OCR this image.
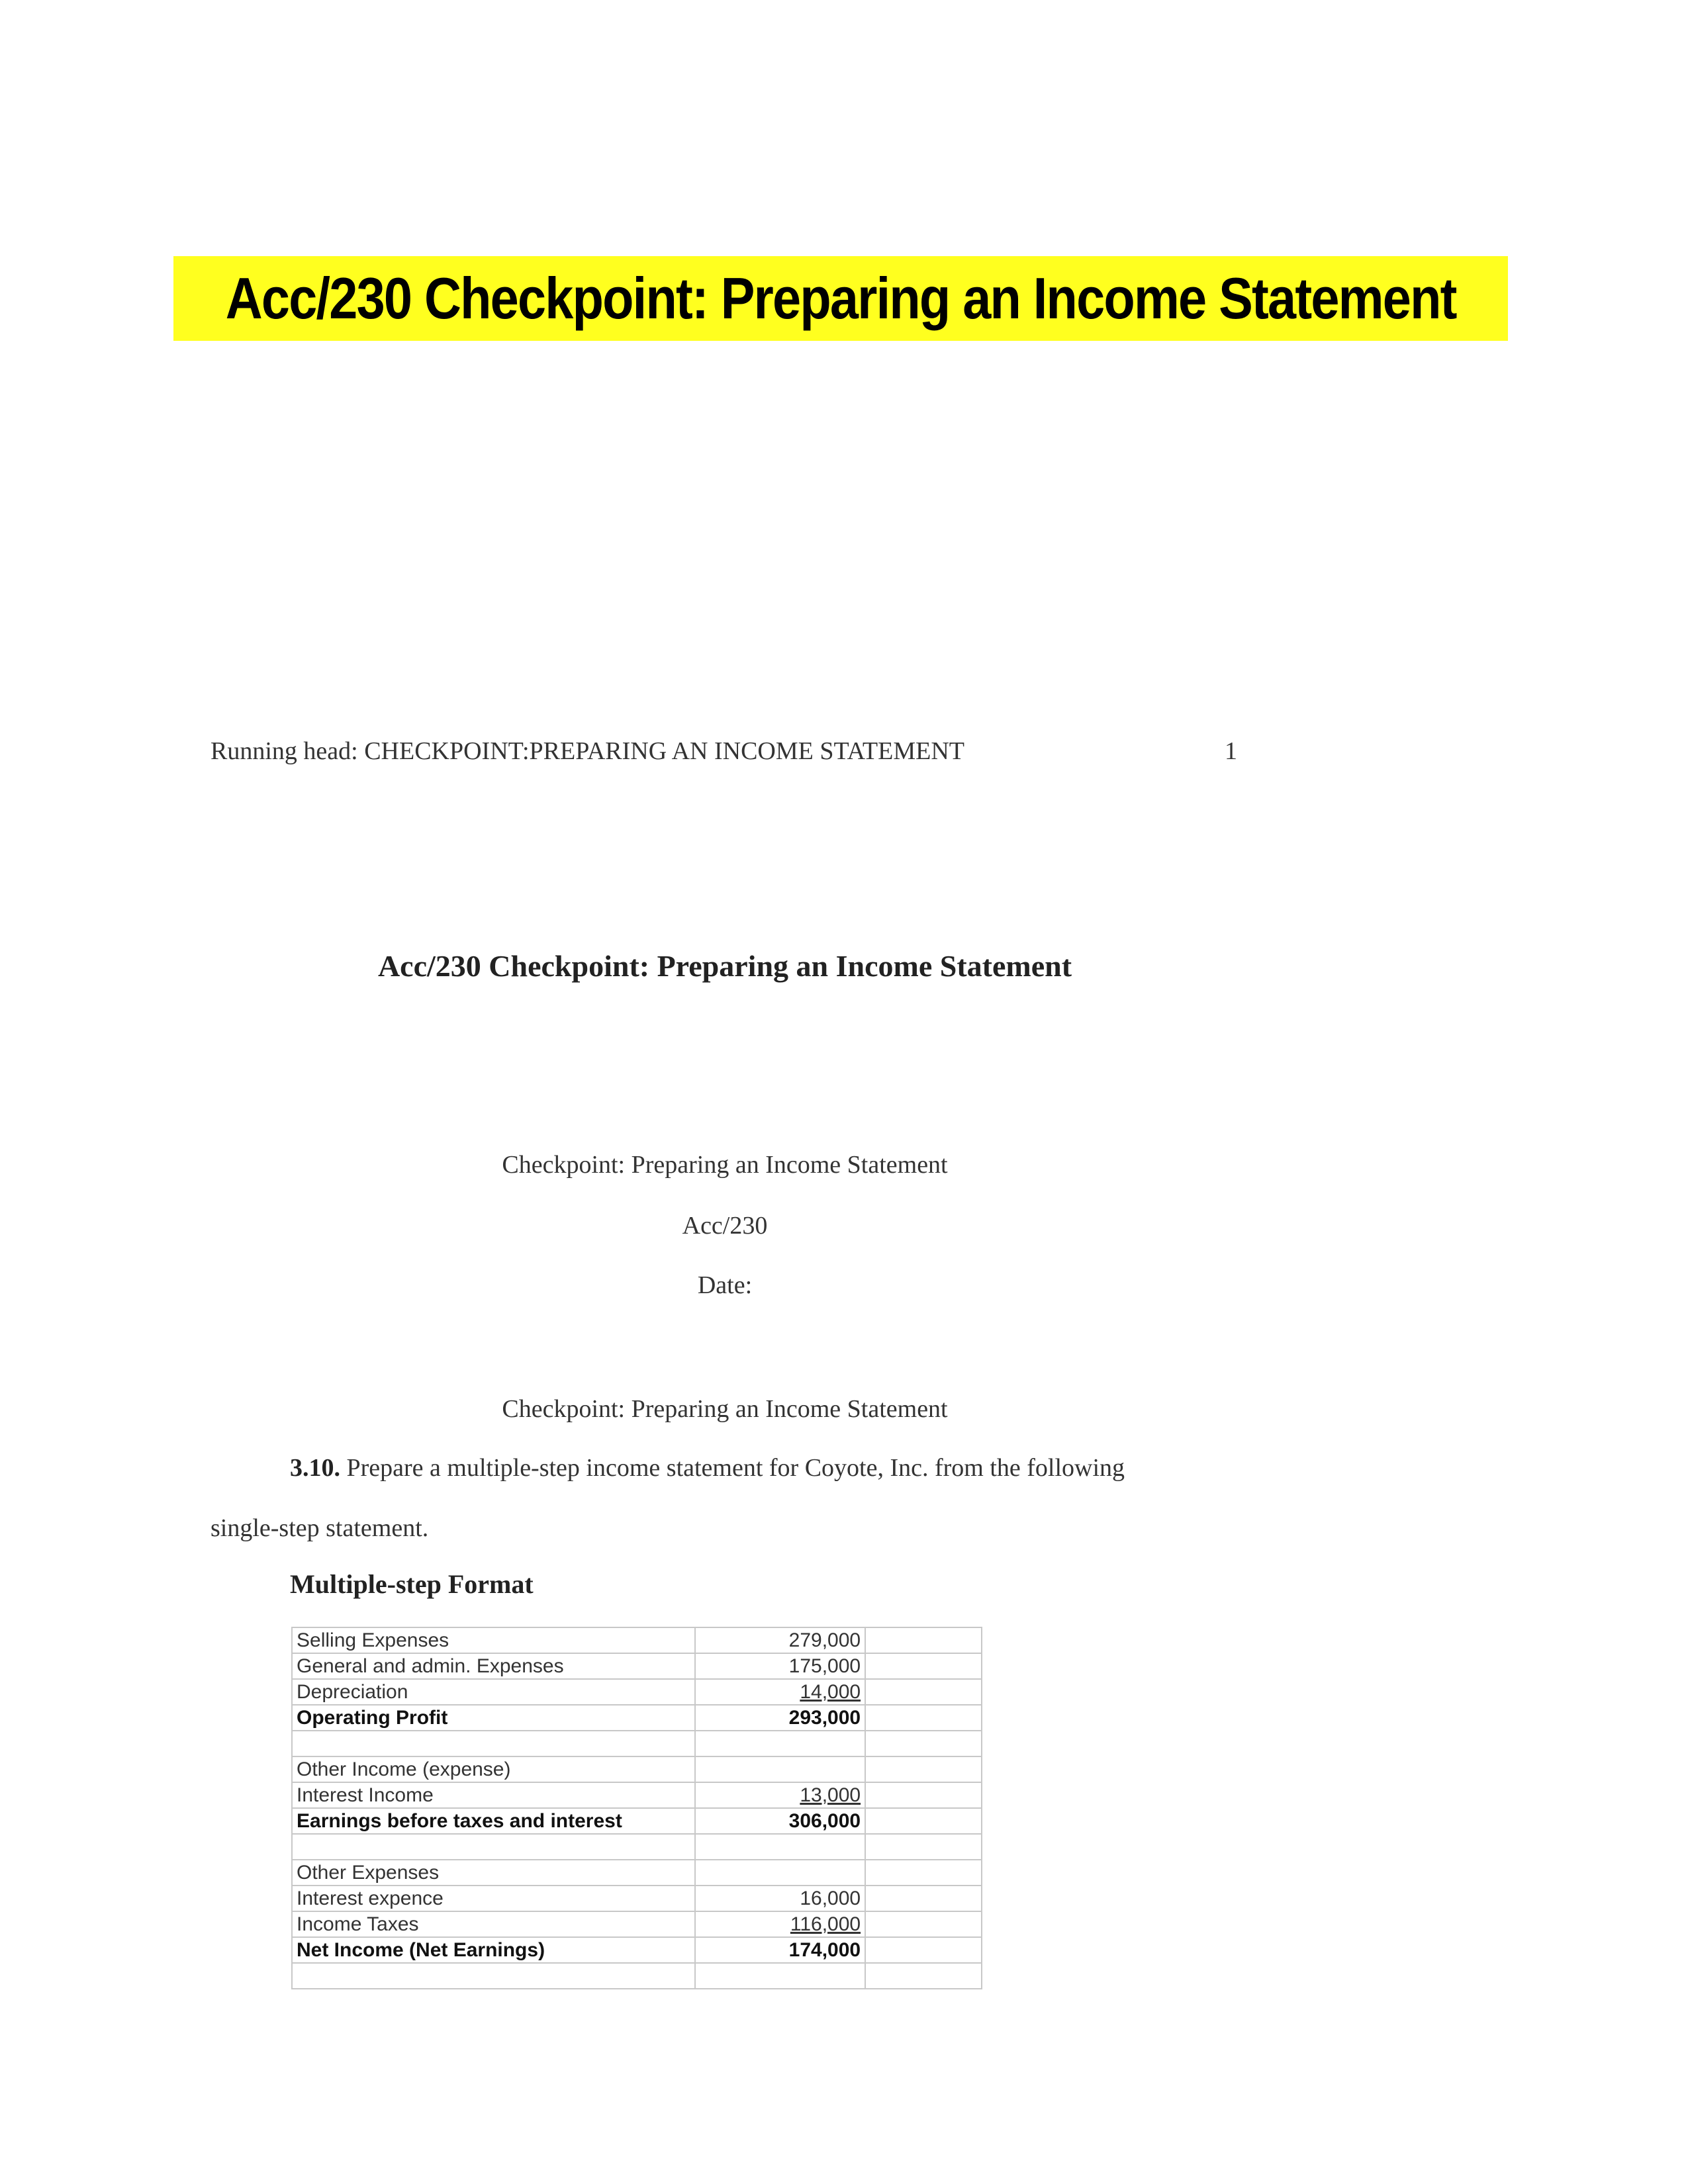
Acc/230 Checkpoint: Preparing an Income Statement
Running head: CHECKPOINT:PREPARING AN INCOME STATEMENT	1
Acc/230 Checkpoint: Preparing an Income Statement
Checkpoint: Preparing an Income Statement
Acc/230
Date:
Checkpoint: Preparing an Income Statement
3.10. Prepare a multiple-step income statement for Coyote, Inc. from the following
single-step statement.
Multiple-step Format
Selling Expenses	279,000	
General and admin. Expenses	175,000	
Depreciation	14,000	
Operating Profit	293,000	

Other Income (expense)		
Interest Income	13,000	
Earnings before taxes and interest	306,000	

Other Expenses		
Interest expence	16,000	
Income Taxes	116,000	
Net Income (Net Earnings)	174,000	
